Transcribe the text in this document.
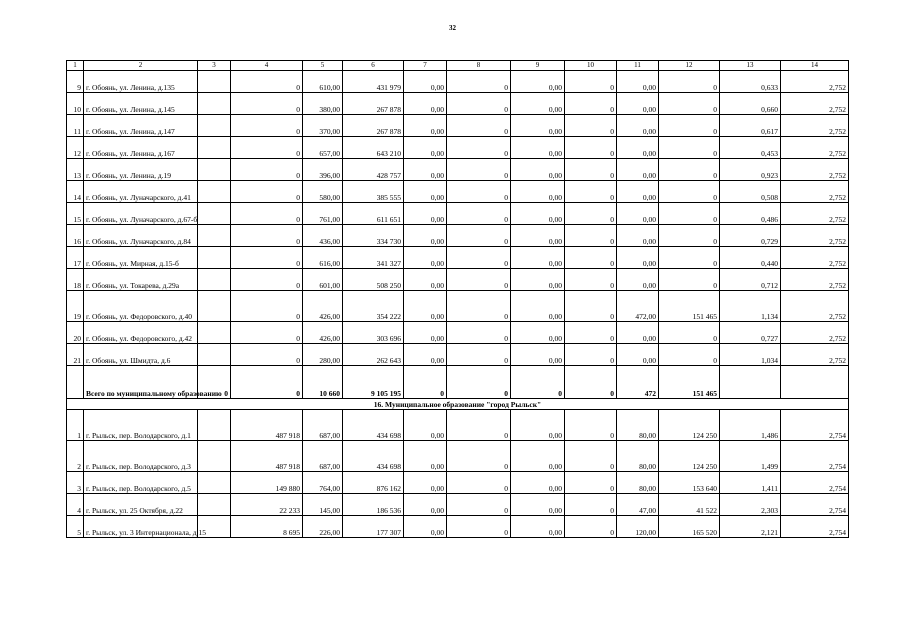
32
1	2	3	4	5	6	7	8	9	10	11	12	13	14
9	г. Обоянь, ул. Ленина, д.135		0	610,00	431 979	0,00	0	0,00	0	0,00	0	0,633	2,752
10	г. Обоянь, ул. Ленина, д.145		0	380,00	267 878	0,00	0	0,00	0	0,00	0	0,660	2,752
11	г. Обоянь, ул. Ленина, д.147		0	370,00	267 878	0,00	0	0,00	0	0,00	0	0,617	2,752
12	г. Обоянь, ул. Ленина, д.167		0	657,00	643 210	0,00	0	0,00	0	0,00	0	0,453	2,752
13	г. Обоянь, ул. Ленина, д.19		0	396,00	428 757	0,00	0	0,00	0	0,00	0	0,923	2,752
14	г. Обоянь, ул. Луначарского, д.41		0	580,00	385 555	0,00	0	0,00	0	0,00	0	0,508	2,752
15	г. Обоянь, ул. Луначарского, д.67-б		0	761,00	611 651	0,00	0	0,00	0	0,00	0	0,486	2,752
16	г. Обоянь, ул. Луначарского, д.84		0	436,00	334 730	0,00	0	0,00	0	0,00	0	0,729	2,752
17	г. Обоянь, ул. Мирная, д.15-б		0	616,00	341 327	0,00	0	0,00	0	0,00	0	0,440	2,752
18	г. Обоянь, ул. Токарева, д.29а		0	601,00	508 250	0,00	0	0,00	0	0,00	0	0,712	2,752
19	г. Обоянь, ул. Федоровского, д.40		0	426,00	354 222	0,00	0	0,00	0	472,00	151 465	1,134	2,752
20	г. Обоянь, ул. Федоровского, д.42		0	426,00	303 696	0,00	0	0,00	0	0,00	0	0,727	2,752
21	г. Обоянь, ул. Шмидта, д.6		0	280,00	262 643	0,00	0	0,00	0	0,00	0	1,034	2,752
	Всего по муниципальному образованию	0	0	10 660	9 105 195	0	0	0	0	472	151 465		
16. Муниципальное образование "город Рыльск"													
1	г. Рыльск, пер. Володарского, д.1		487 918	687,00	434 698	0,00	0	0,00	0	80,00	124 250	1,486	2,754
2	г. Рыльск, пер. Володарского, д.3		487 918	687,00	434 698	0,00	0	0,00	0	80,00	124 250	1,499	2,754
3	г. Рыльск, пер. Володарского, д.5		149 880	764,00	876 162	0,00	0	0,00	0	80,00	153 640	1,411	2,754
4	г. Рыльск, ул. 25 Октября, д.22		22 233	145,00	186 536	0,00	0	0,00	0	47,00	41 522	2,303	2,754
5	г. Рыльск, ул. 3 Интернационала, д.15		8 695	226,00	177 307	0,00	0	0,00	0	120,00	165 520	2,121	2,754
